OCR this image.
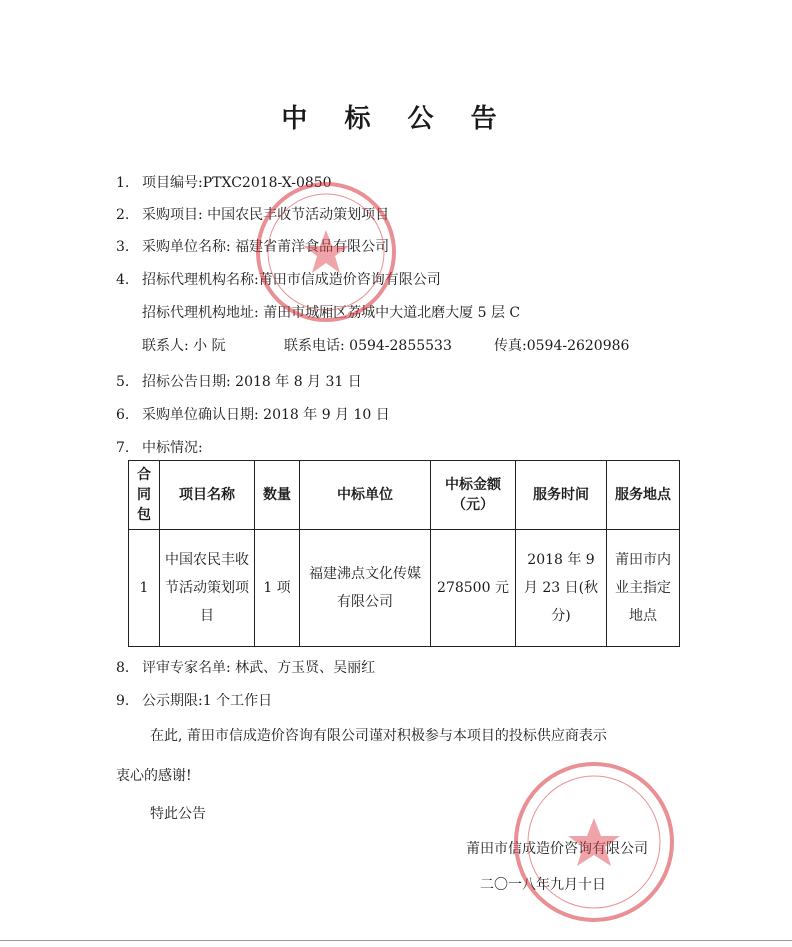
中 标 公 告
1. 项目编号:PTXC2018-X-0850
2. 采购项目: 中国农民丰收节活动策划项目
3. 采购单位名称: 福建省莆洋食品有限公司
4. 招标代理机构名称:莆田市信成造价咨询有限公司
招标代理机构地址: 莆田市城厢区荔城中大道北磨大厦 5 层 C
联系人: 小 阮	联系电话: 0594-2855533	传真:0594-2620986
5. 招标公告日期: 2018 年 8 月 31 日
6. 采购单位确认日期: 2018 年 9 月 10 日
7. 中标情况:
合同包	项目名称	数量	中标单位	中标金额（元）	服务时间	服务地点
1	中国农民丰收节活动策划项目	1 项	福建沸点文化传媒有限公司	278500 元	2018 年 9 月 23 日(秋分)	莆田市内业主指定地点
8. 评审专家名单: 林武、方玉贤、吴丽红
9. 公示期限:1 个工作日
在此, 莆田市信成造价咨询有限公司谨对积极参与本项目的投标供应商表示
衷心的感谢!
特此公告
莆田市信成造价咨询有限公司
二〇一八年九月十日
